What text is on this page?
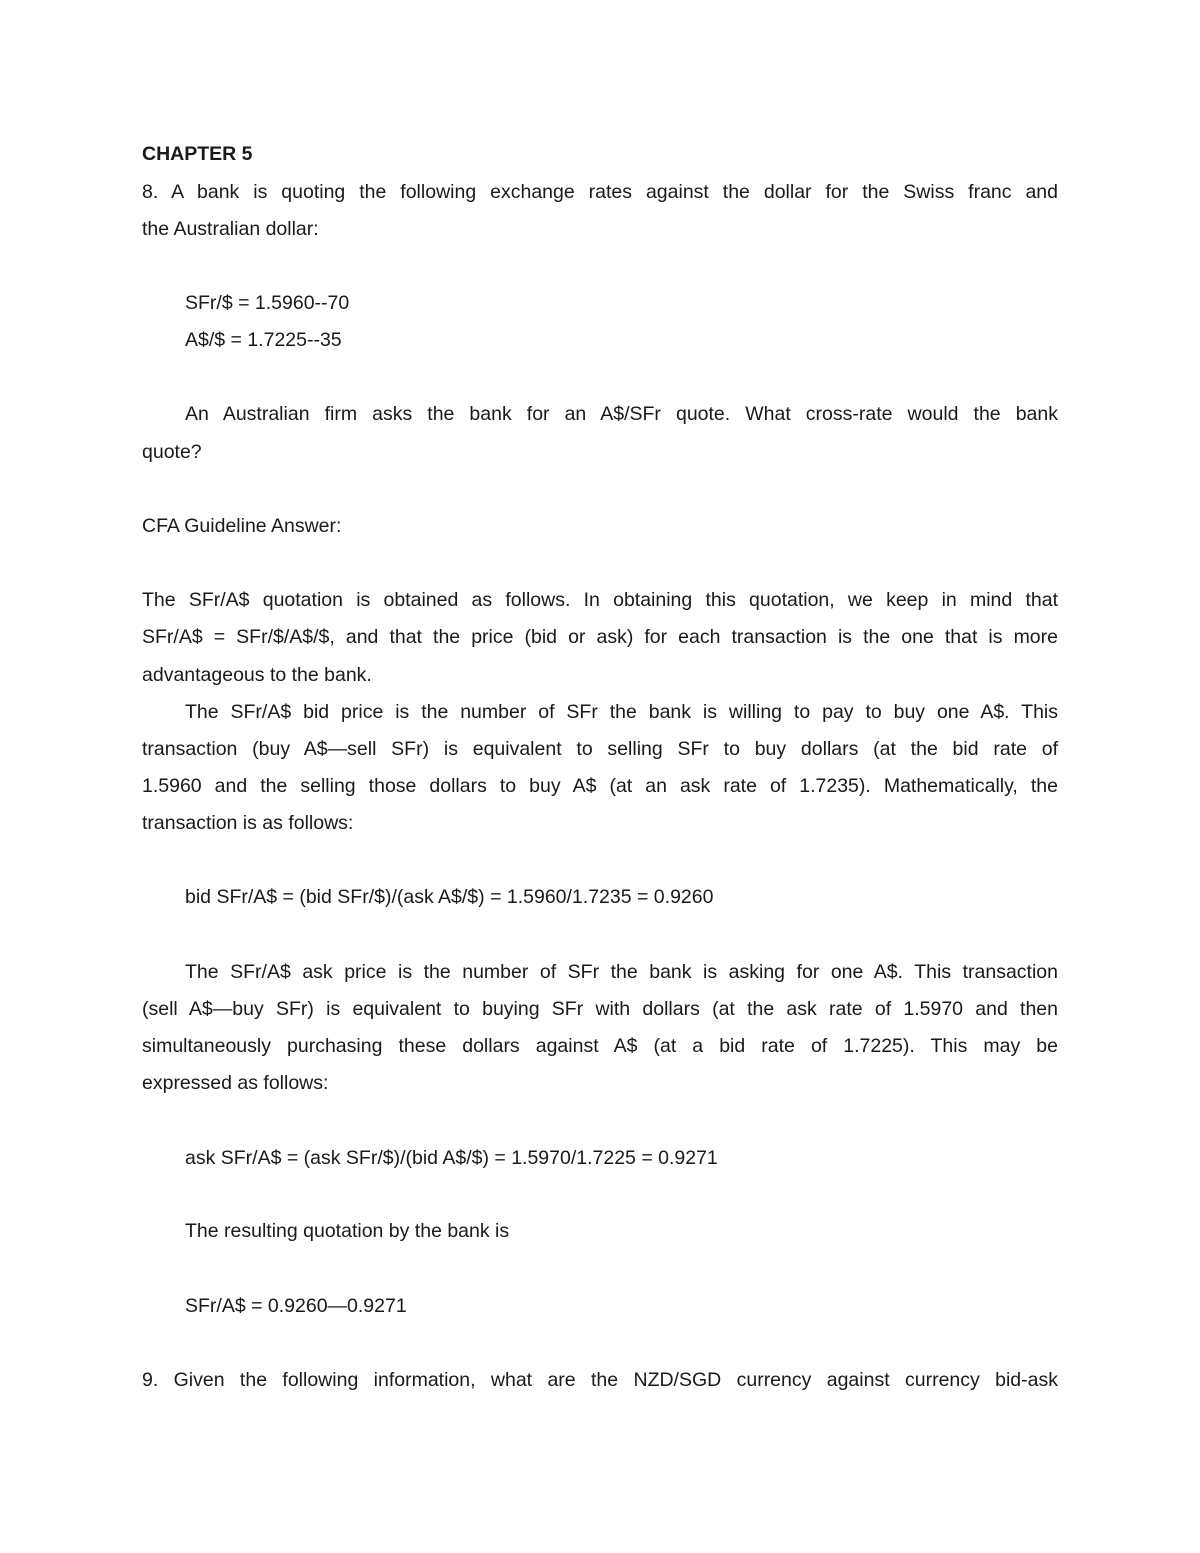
CHAPTER 5

8. A bank is quoting the following exchange rates against the dollar for the Swiss franc and

the Australian dollar:

SFr/$ = 1.5960--70

A$/$ = 1.7225--35

An Australian firm asks the bank for an A$/SFr quote. What cross-rate would the bank

quote?

CFA Guideline Answer:

The SFr/A$ quotation is obtained as follows. In obtaining this quotation, we keep in mind that

SFr/A$ = SFr/$/A$/$, and that the price (bid or ask) for each transaction is the one that is more

advantageous to the bank.

The SFr/A$ bid price is the number of SFr the bank is willing to pay to buy one A$. This

transaction (buy A$—sell SFr) is equivalent to selling SFr to buy dollars (at the bid rate of

1.5960 and the selling those dollars to buy A$ (at an ask rate of 1.7235). Mathematically, the

transaction is as follows:

bid SFr/A$ = (bid SFr/$)/(ask A$/$) = 1.5960/1.7235 = 0.9260

The SFr/A$ ask price is the number of SFr the bank is asking for one A$. This transaction

(sell A$—buy SFr) is equivalent to buying SFr with dollars (at the ask rate of 1.5970 and then

simultaneously purchasing these dollars against A$ (at a bid rate of 1.7225). This may be

expressed as follows:

ask SFr/A$ = (ask SFr/$)/(bid A$/$) = 1.5970/1.7225 = 0.9271

The resulting quotation by the bank is

SFr/A$ = 0.9260—0.9271

9. Given the following information, what are the NZD/SGD currency against currency bid-ask
